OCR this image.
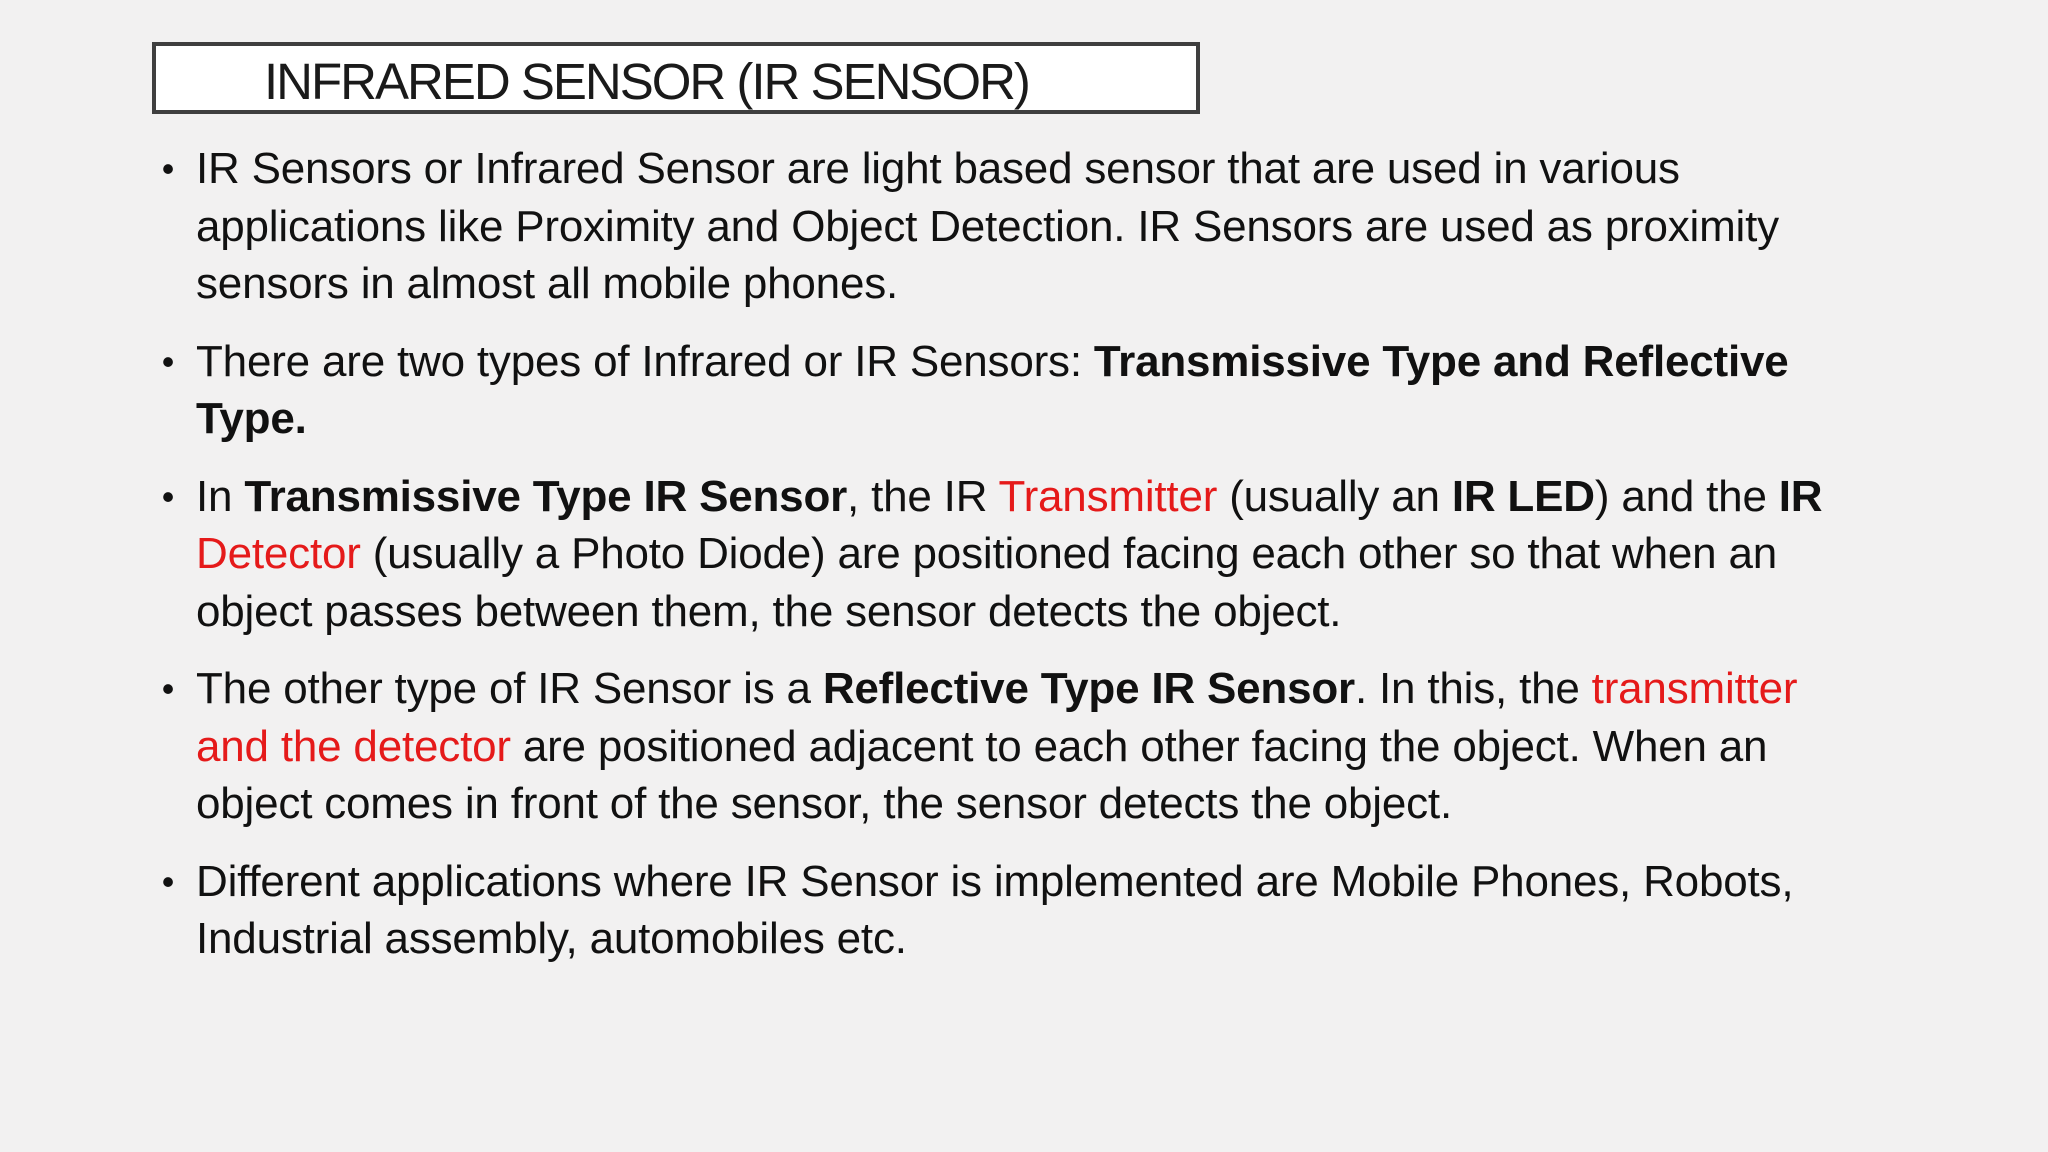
INFRARED SENSOR (IR SENSOR)
• IR Sensors or Infrared Sensor are light based sensor that are used in various applications like Proximity and Object Detection. IR Sensors are used as proximity sensors in almost all mobile phones.
• There are two types of Infrared or IR Sensors: Transmissive Type and Reflective Type.
• In Transmissive Type IR Sensor, the IR Transmitter (usually an IR LED) and the IR Detector (usually a Photo Diode) are positioned facing each other so that when an object passes between them, the sensor detects the object.
• The other type of IR Sensor is a Reflective Type IR Sensor. In this, the transmitter and the detector are positioned adjacent to each other facing the object. When an object comes in front of the sensor, the sensor detects the object.
• Different applications where IR Sensor is implemented are Mobile Phones, Robots, Industrial assembly, automobiles etc.
